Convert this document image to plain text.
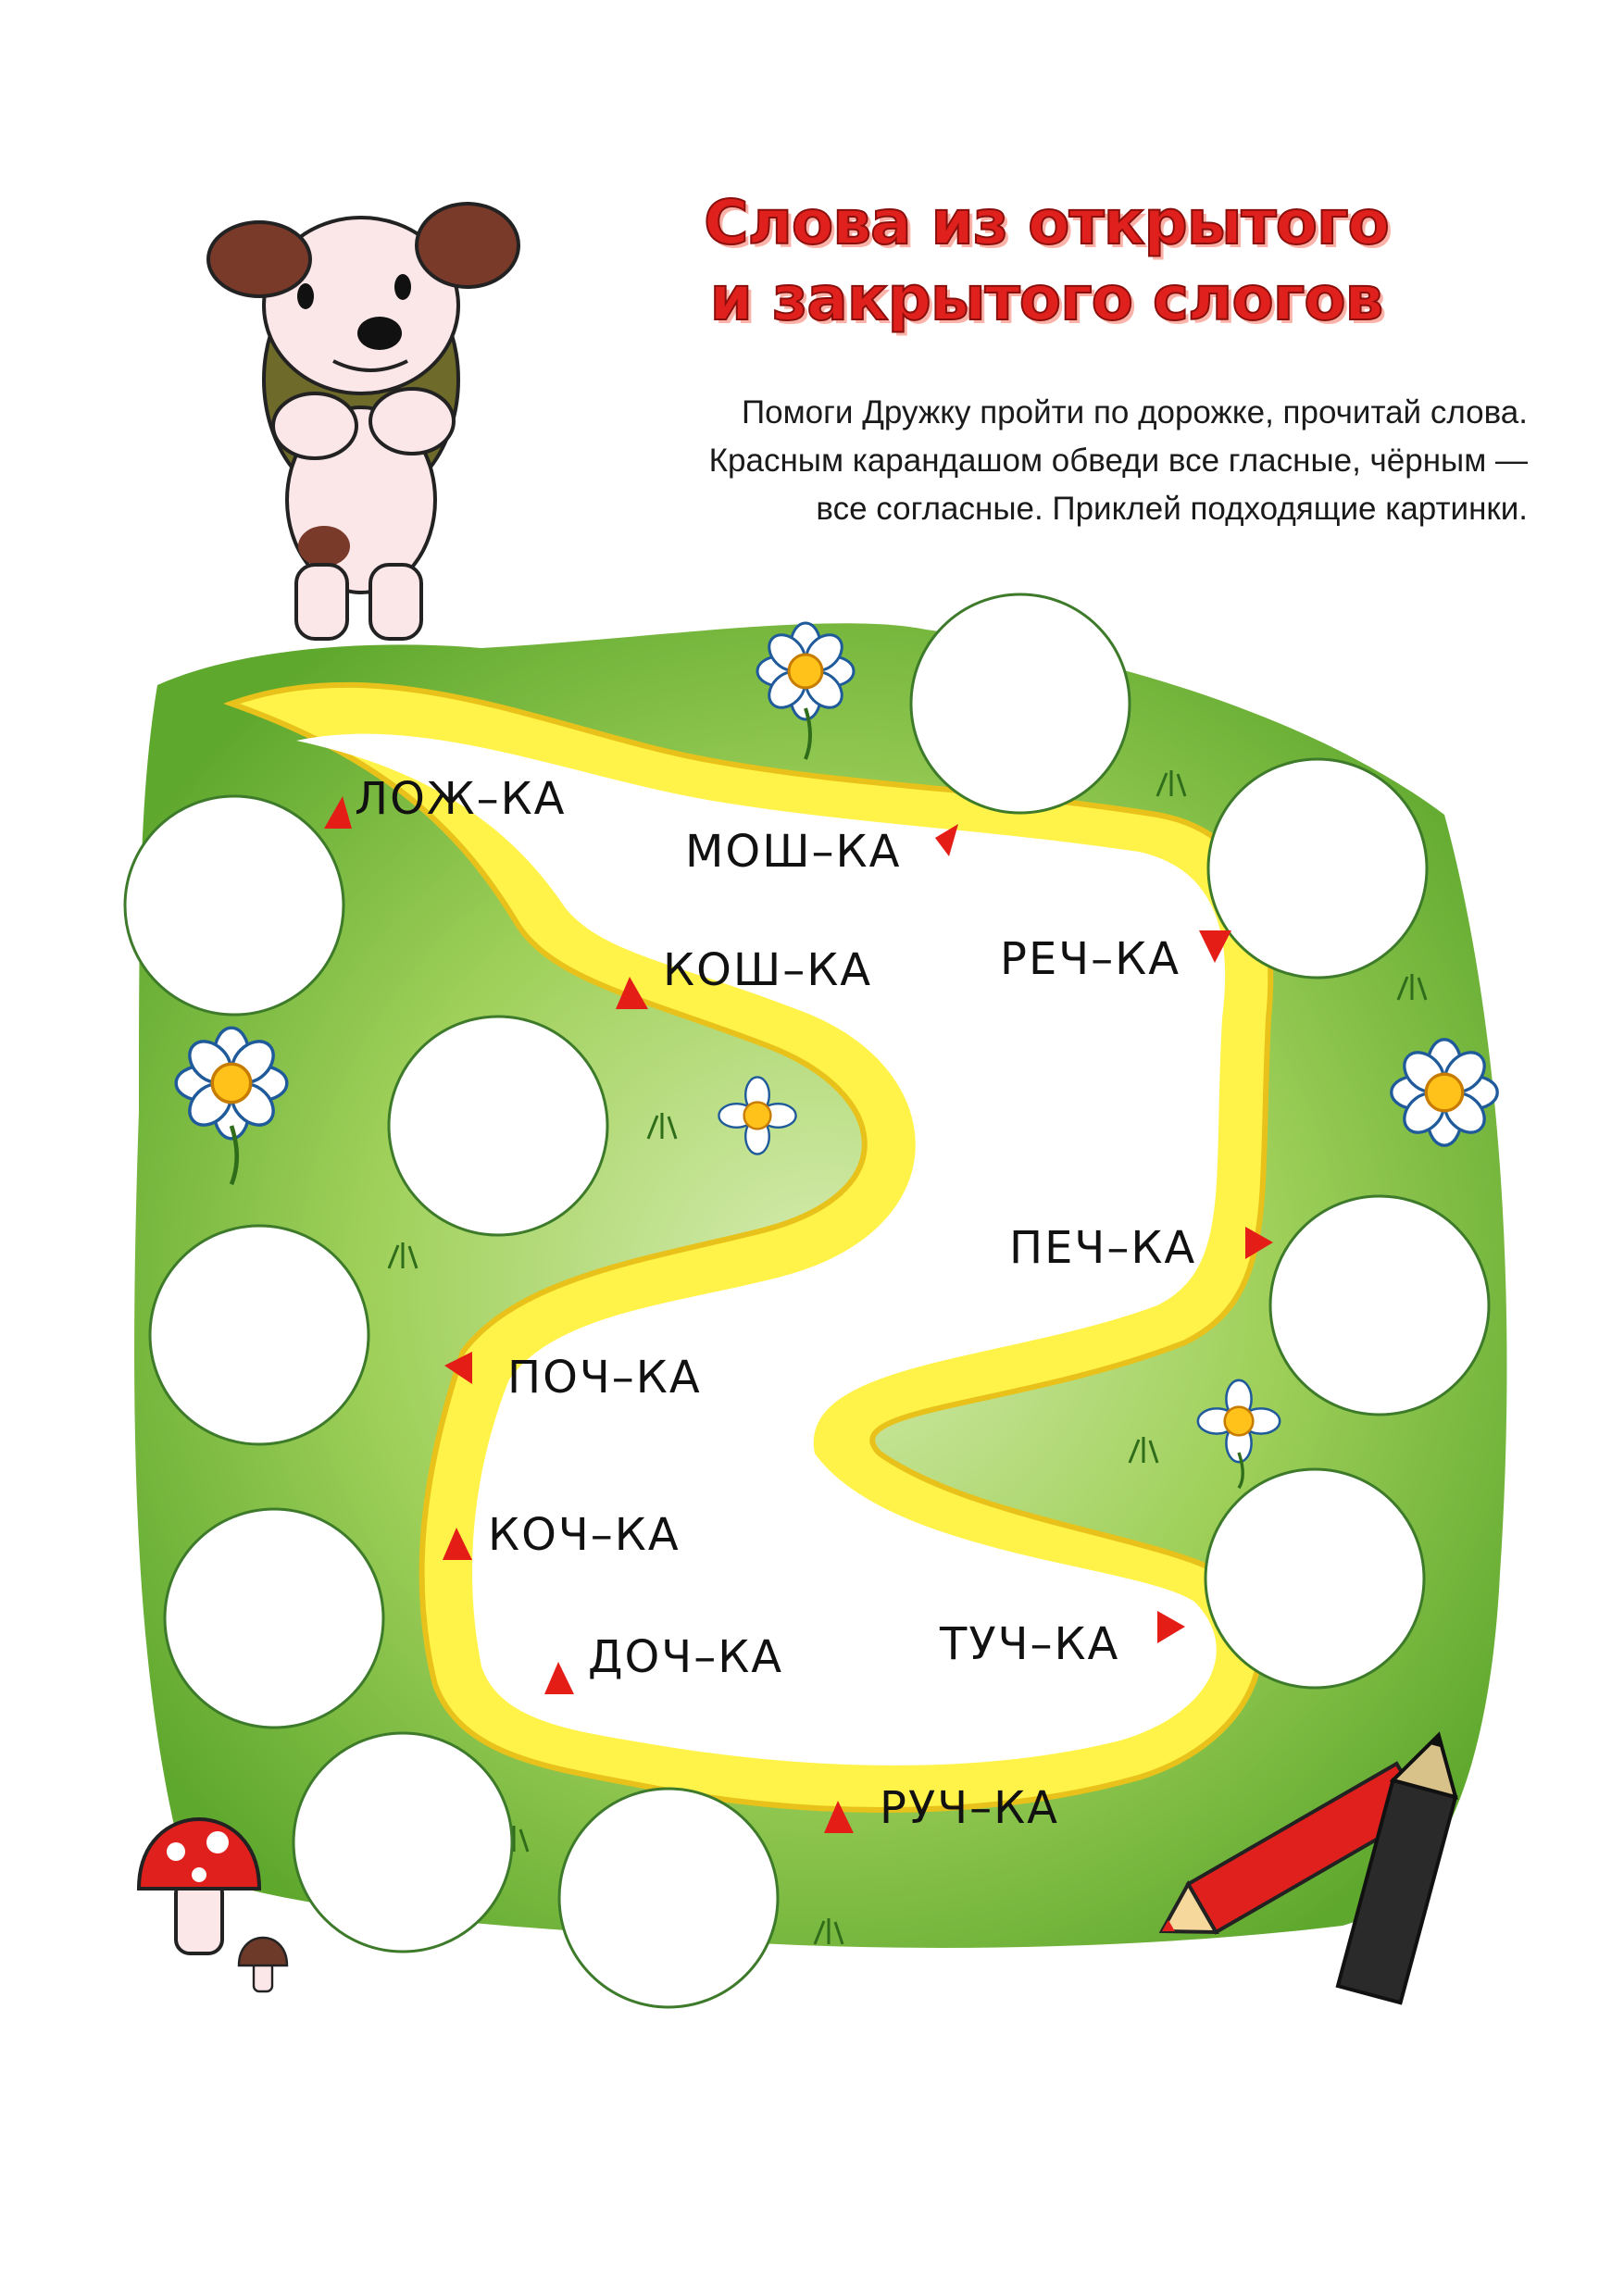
Слова из открытого
и закрытого слогов

Помоги Дружку пройти по дорожке, прочитай слова.
Красным карандашом обведи все гласные, чёрным —
все согласные. Приклей подходящие картинки.

ЛОЖ–КА
МОШ–КА
КОШ–КА	РЕЧ–КА
ПЕЧ–КА
ПОЧ–КА
КОЧ–КА
ДОЧ–КА	ТУЧ–КА
РУЧ–КА
